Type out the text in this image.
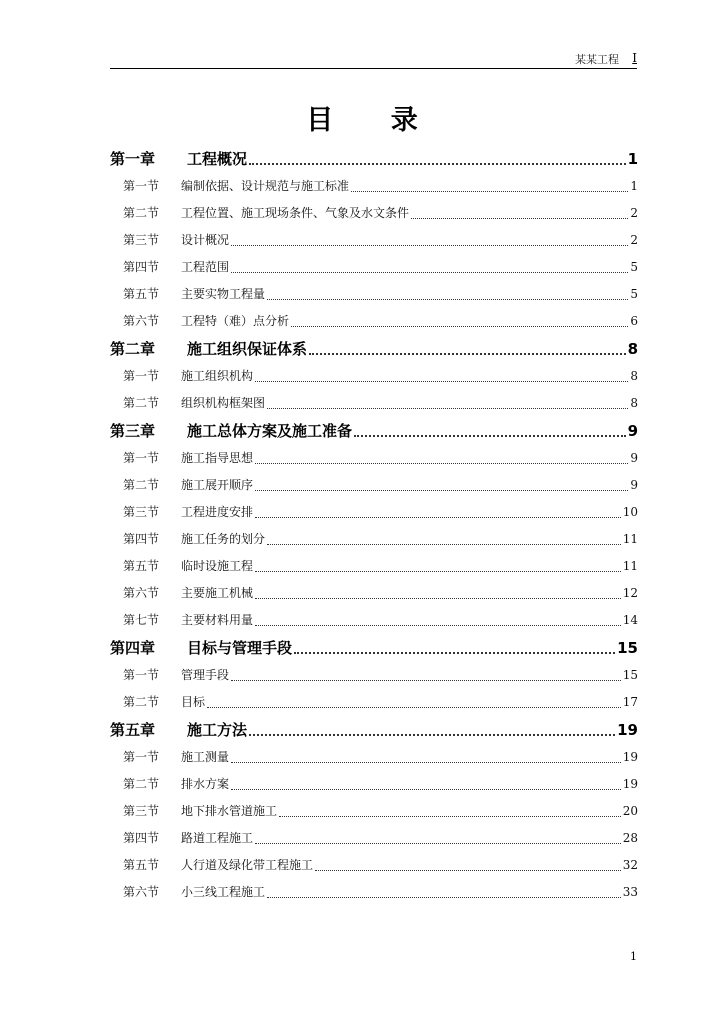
某某工程 I
目 录
第一章	工程概况	1
第一节	编制依据、设计规范与施工标准	1
第二节	工程位置、施工现场条件、气象及水文条件	2
第三节	设计概况	2
第四节	工程范围	5
第五节	主要实物工程量	5
第六节	工程特（难）点分析	6
第二章	施工组织保证体系	8
第一节	施工组织机构	8
第二节	组织机构框架图	8
第三章	施工总体方案及施工准备	9
第一节	施工指导思想	9
第二节	施工展开顺序	9
第三节	工程进度安排	10
第四节	施工任务的划分	11
第五节	临时设施工程	11
第六节	主要施工机械	12
第七节	主要材料用量	14
第四章	目标与管理手段	15
第一节	管理手段	15
第二节	目标	17
第五章	施工方法	19
第一节	施工测量	19
第二节	排水方案	19
第三节	地下排水管道施工	20
第四节	路道工程施工	28
第五节	人行道及绿化带工程施工	32
第六节	小三线工程施工	33
1
